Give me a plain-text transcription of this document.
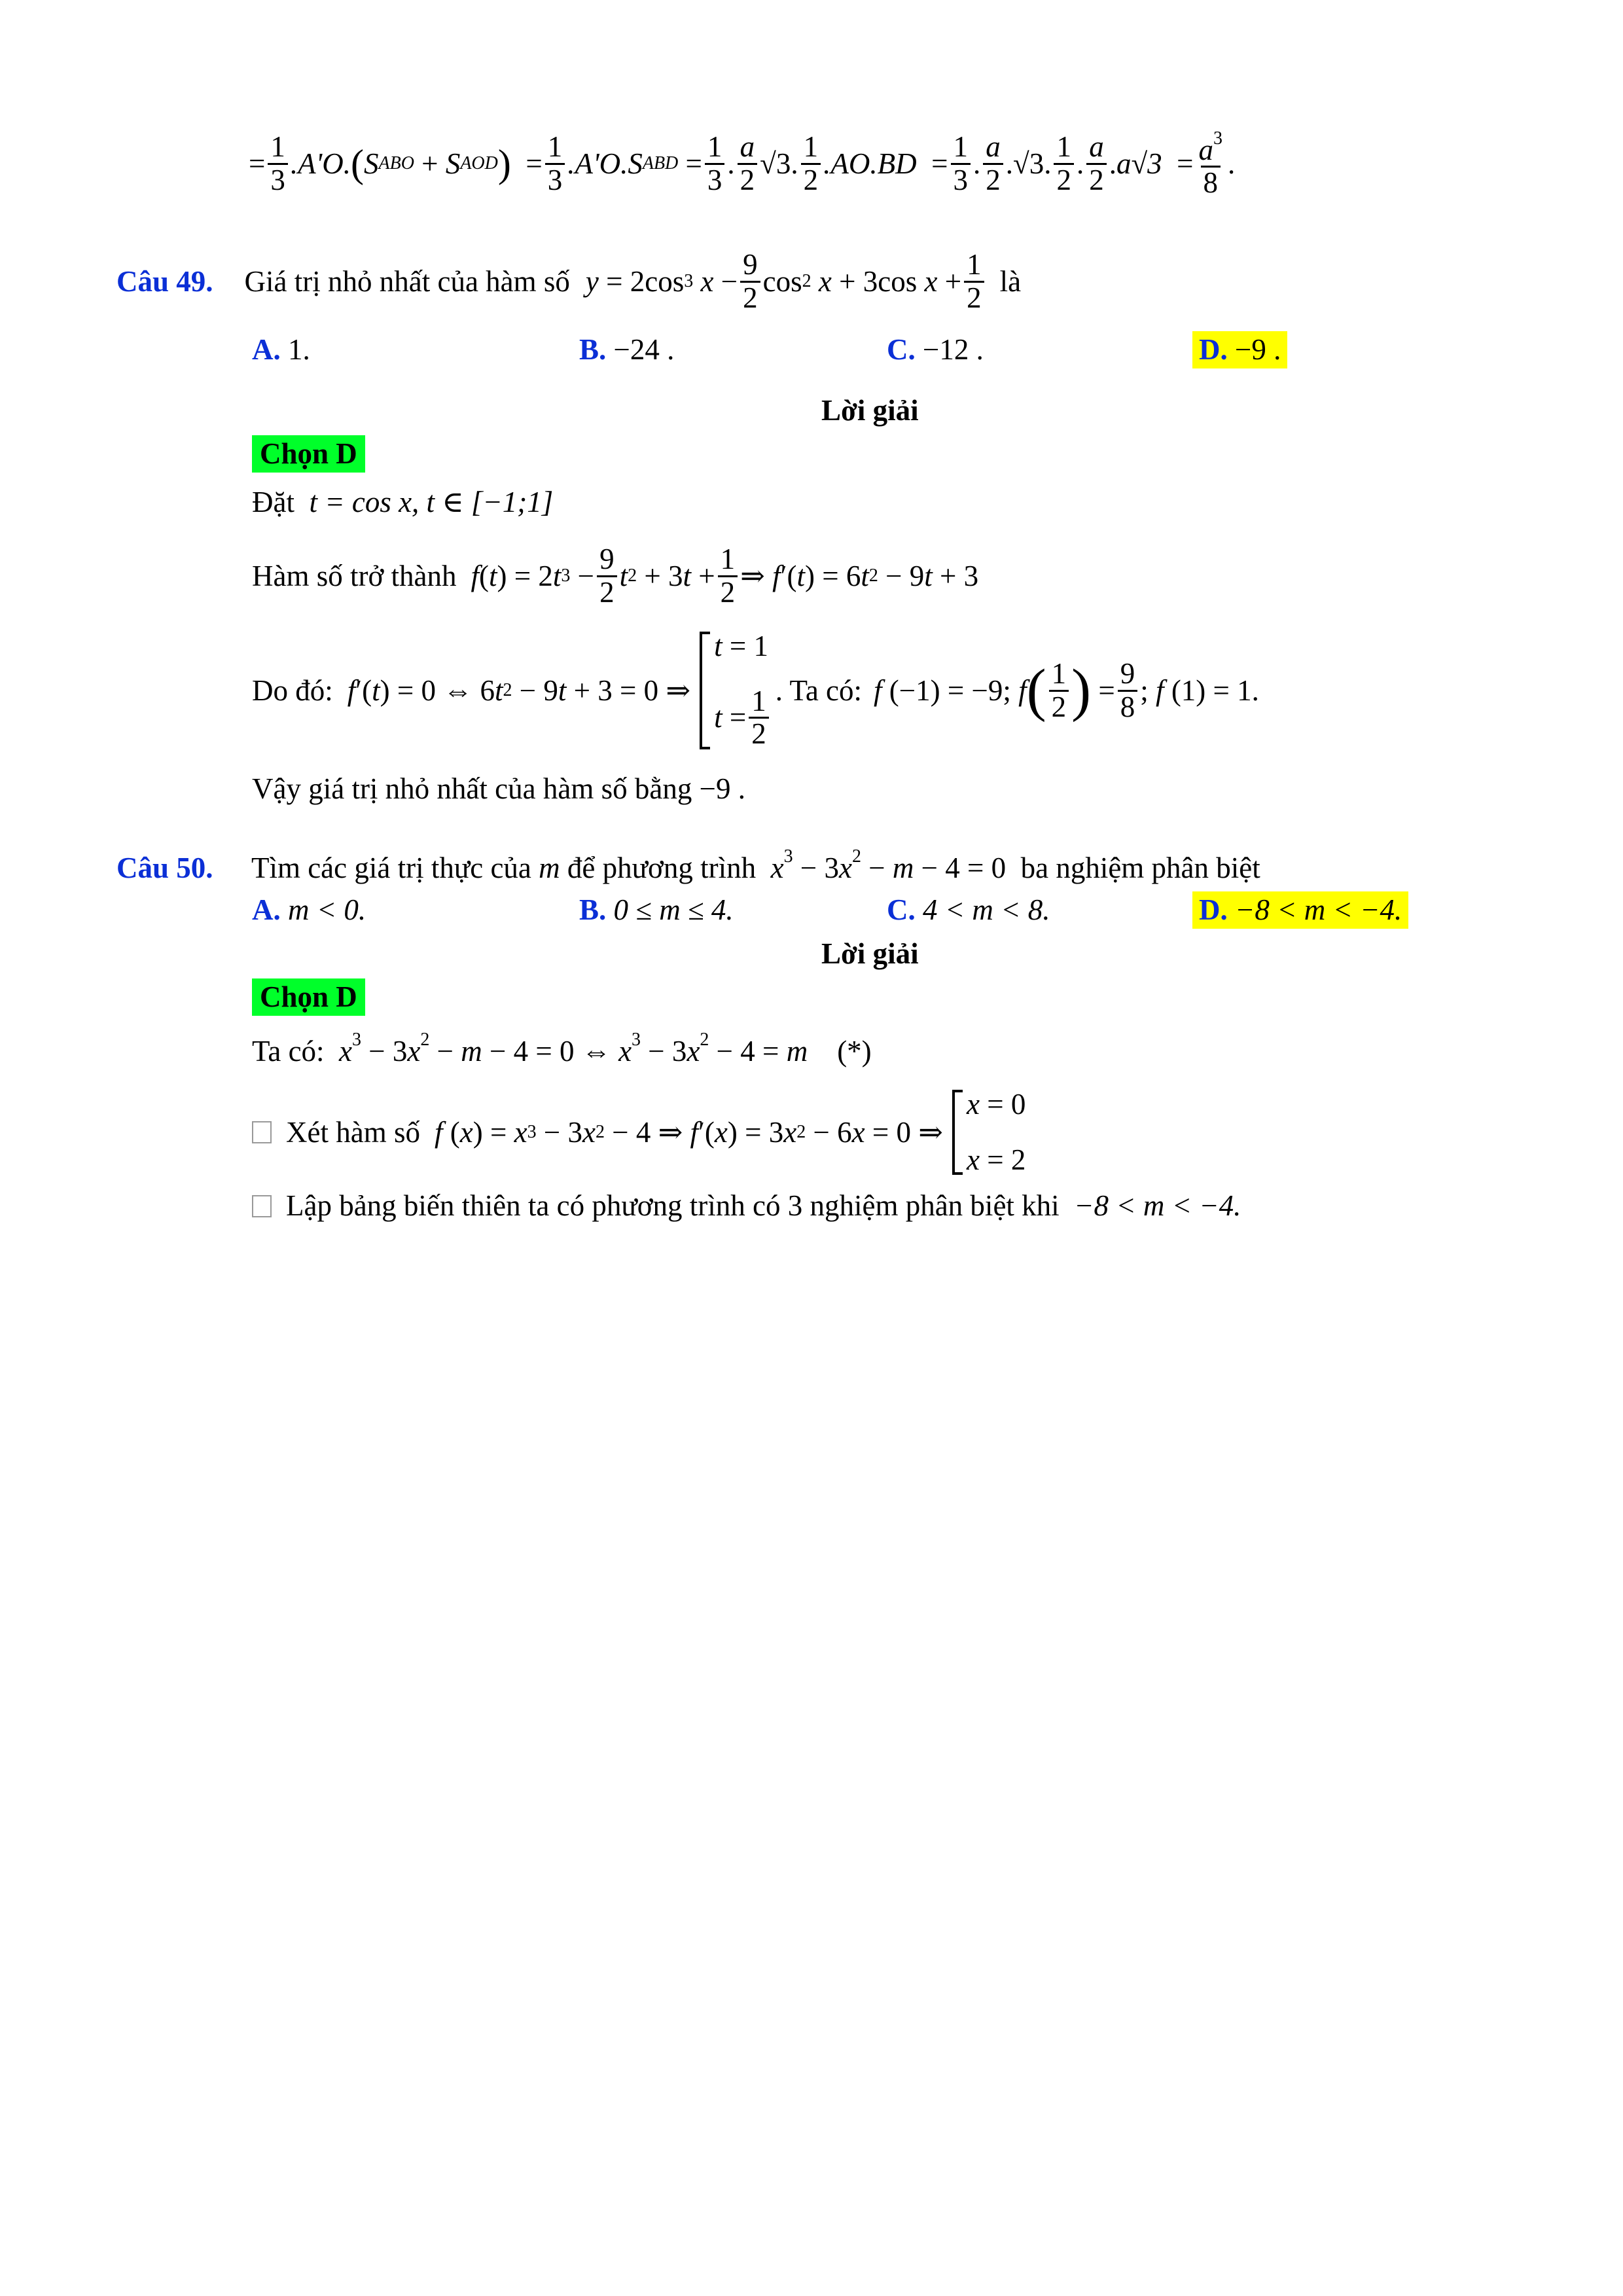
= $\frac{1}{3} .A'O$. ( S ABO + S AOD ) = $\frac{1}{3} .A'O.S$ ABD = $\frac{1}{3}$ . $\frac{a}{2} √3$ . $\frac{1}{2} .AO.BD = \frac{1}{3}$ . $\frac{a}{2}$ . √3 . $\frac{1}{2}$ . $\frac{a}{2}$ . $a√3 = \frac{a^3}{8}$ .
Câu 49. Giá trị nhỏ nhất của hàm số y = 2cos 3
$x - \frac{9}{2}$ cos 2
x + 3cos $x + \frac{1}{2}$ là
A. 1.	B. −24 .	C. −12 .	D. −9 .
Lời giải
Chọn D
Đặt t = cos x, t ∈ [−1;1]
Hàm số trở thành f ( t ) = 2 t $3 - \frac{9}{2}$ t 2 + 3 $t + \frac{1}{2}$ ⇒ f ′( t ) = 6 t 2 − 9 t + 3
Do đó: f ′( t ) = 0 ⇔ 6 t 2 − 9 t + 3 = 0 ⇒
t = 1
$t = \frac{1}{2}$ . Ta có: f (−1) = −9; f ( $\frac{1}{2}$ ) = $\frac{9}{8}$ ; f (1) = 1.
Vậy giá trị nhỏ nhất của hàm số bằng −9 .
Câu 50. Tìm các giá trị thực của m để phương trình $x^3 - 3x^2 - m - 4 = 0$  ba nghiệm phân biệt
A. m < 0.	B. 0 ≤ m ≤ 4.	C. 4 < m < 8.	D. −8 < m < −4.
Lời giải
Chọn D
Ta có: $x^3 - 3x^2 - m - 4 = 0$ ⇔ $x^3 - 3x^2 - 4 = m$    (*)
Xét hàm số f ( x ) = x 3 − 3 x 2 − 4 ⇒ f ′( x ) = 3 x 2 − 6 x = 0 ⇒
x = 0
x = 2
Lập bảng biến thiên ta có phương trình có 3 nghiệm phân biệt khi
−8 < m < −4.
